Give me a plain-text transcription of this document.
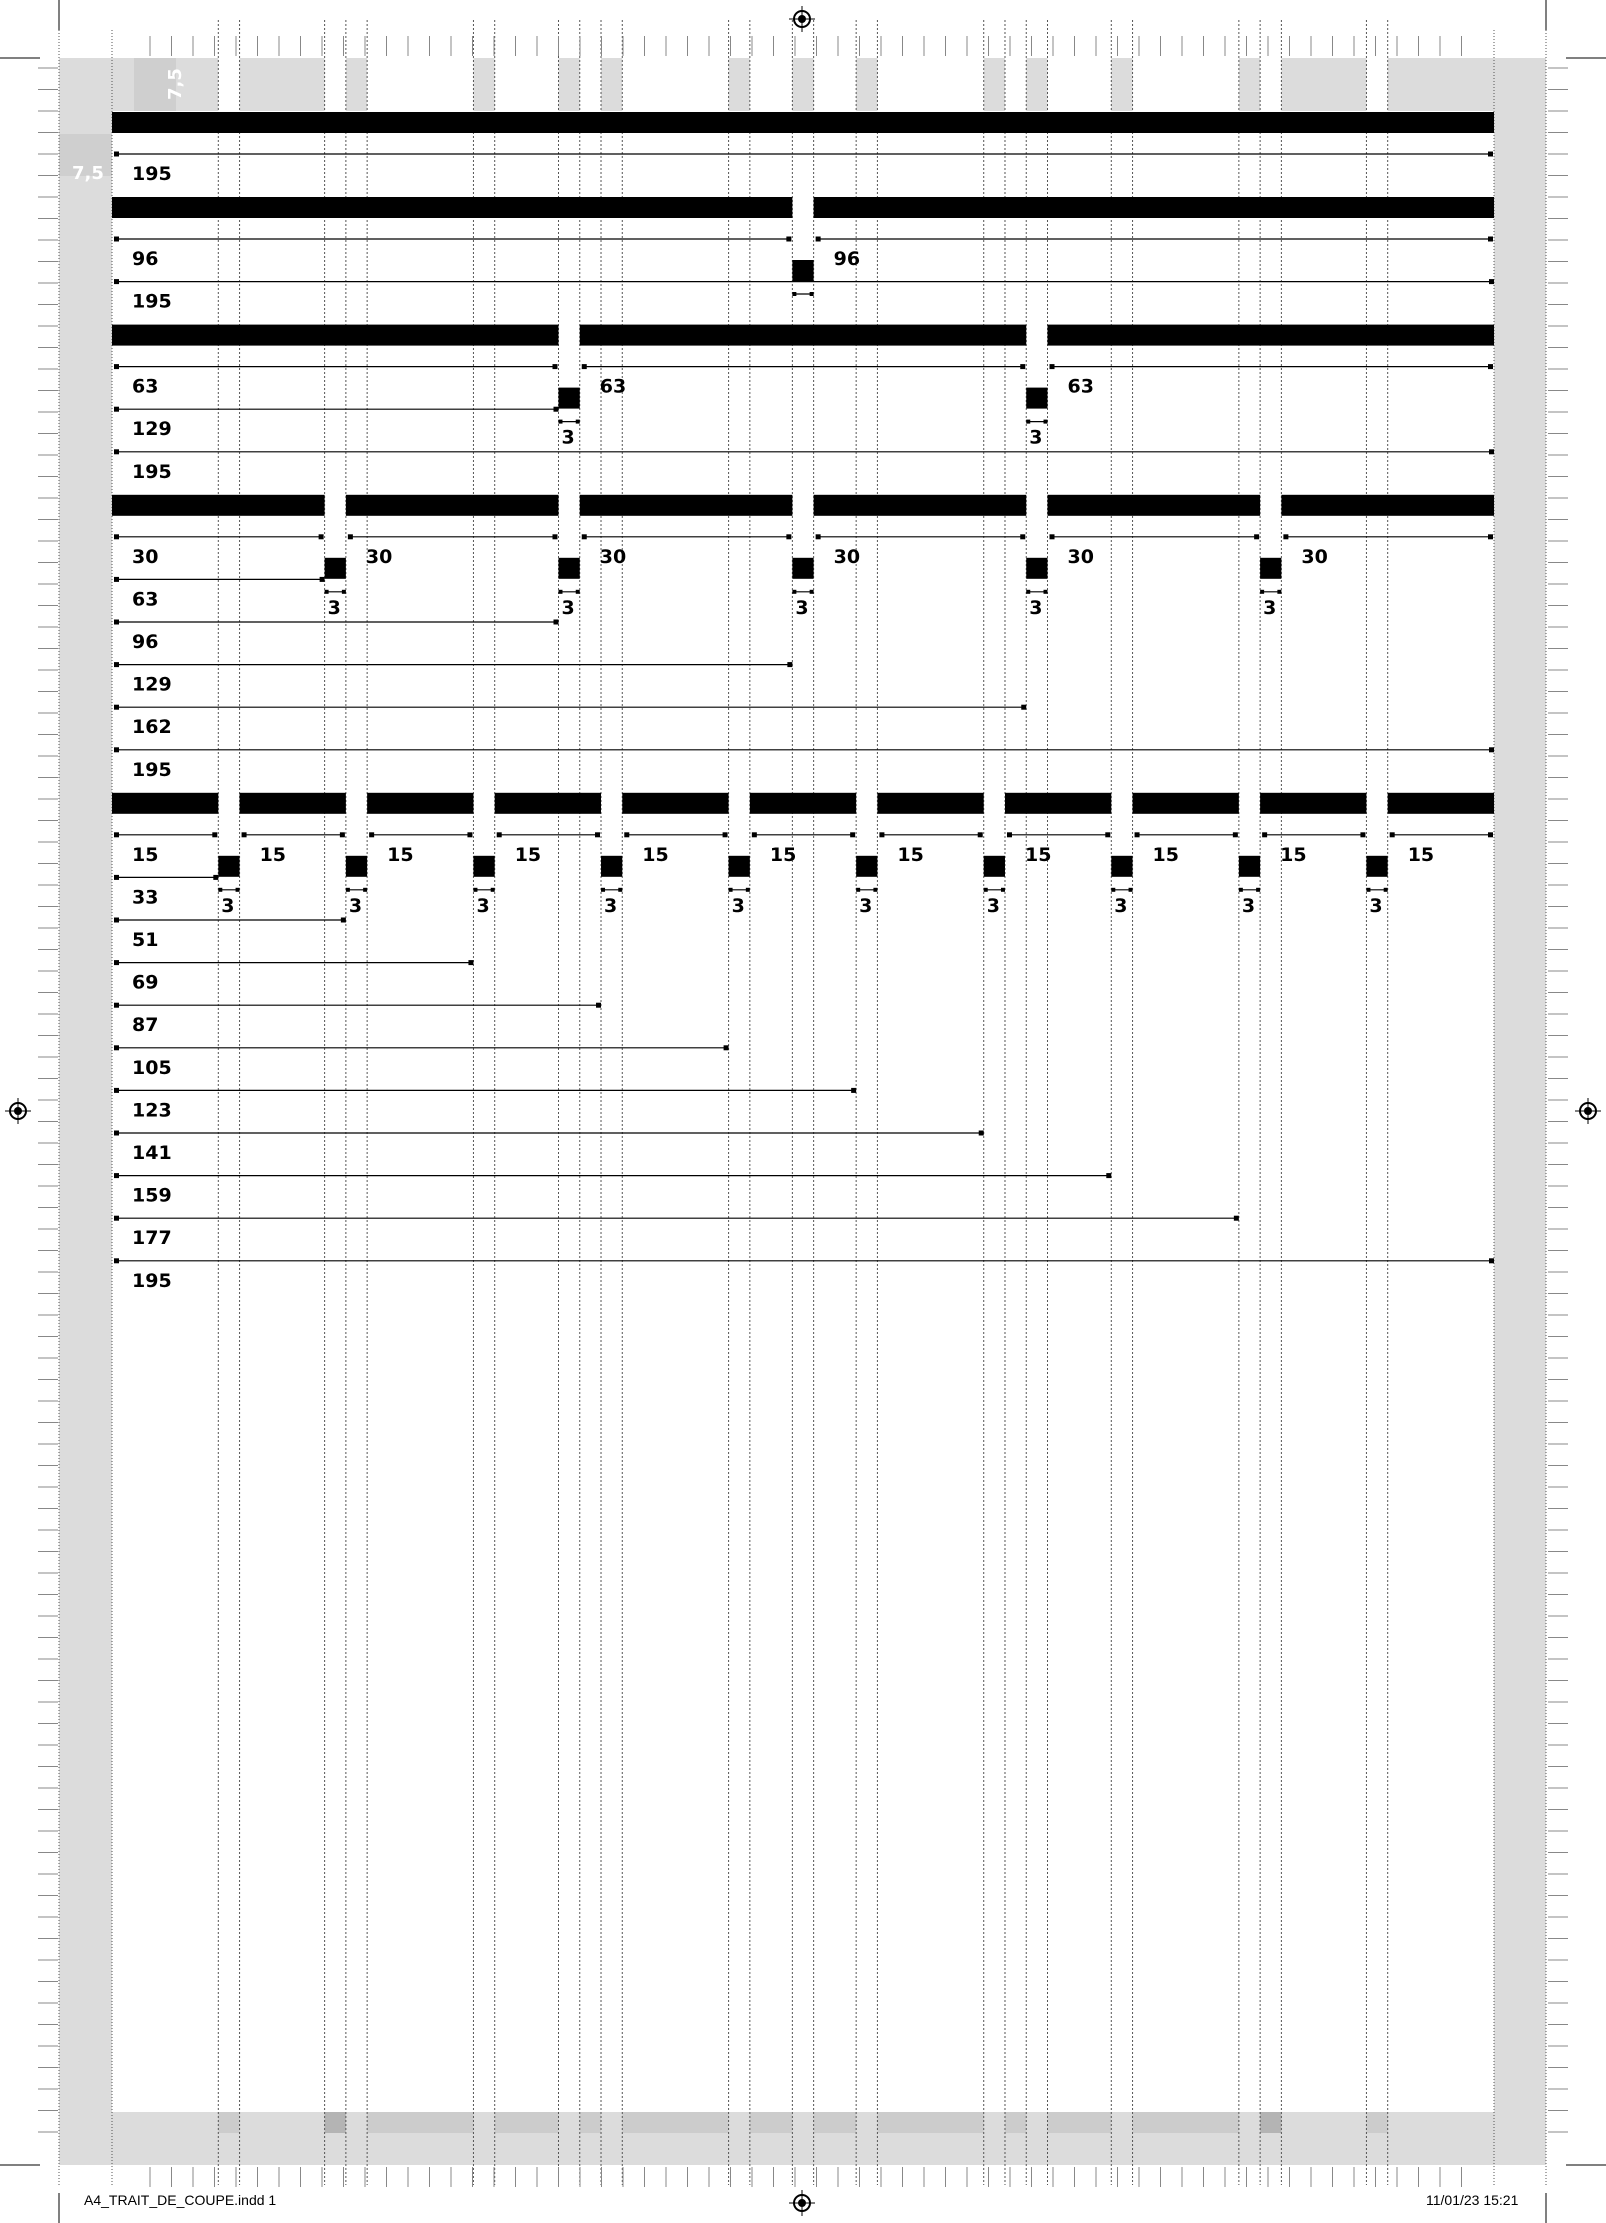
195
96	96
195
63	63	63
129
195
3	3
30	30	30	30	30	30
63
96
129
162
195
3	3	3	3	3
15	15	15	15	15	15	15	15	15	15	15
33
51
69
87
105
123
141
159
177
195
3	3	3	3	3	3	3	3	3	3
7,5
7,5
A4_TRAIT_DE_COUPE.indd 1	11/01/23 15:21
